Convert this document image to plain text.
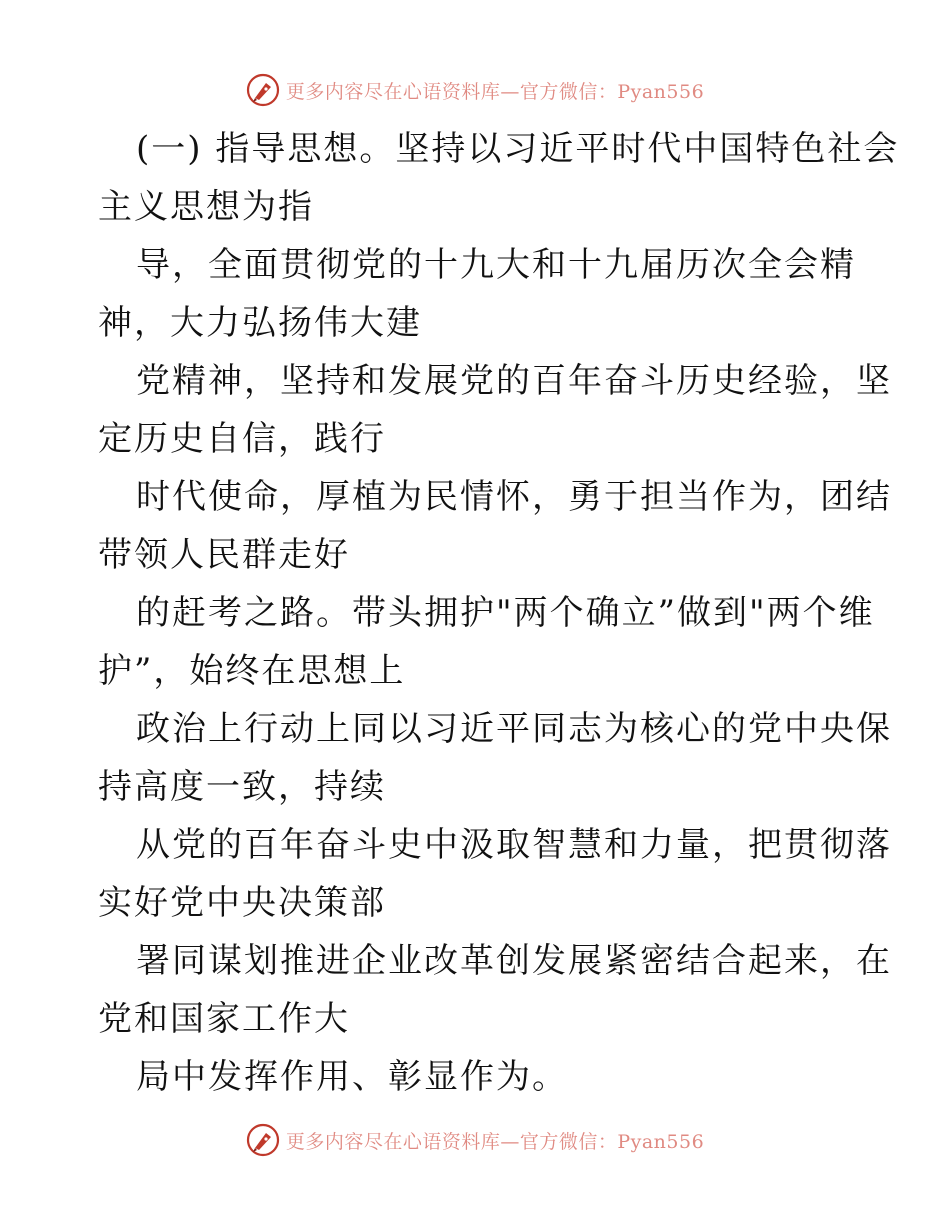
更多内容尽在心语资料库—官方微信：Pyan556
(一) 指导思想。坚持以习近平时代中国特色社会
主义思想为指
导，全面贯彻党的十九大和十九届历次全会精
神，大力弘扬伟大建
党精神，坚持和发展党的百年奋斗历史经验，坚
定历史自信，践行
时代使命，厚植为民情怀，勇于担当作为，团结
带领人民群走好
的赶考之路。带头拥护"两个确立”做到"两个维
护”，始终在思想上
政治上行动上同以习近平同志为核心的党中央保
持高度一致，持续
从党的百年奋斗史中汲取智慧和力量，把贯彻落
实好党中央决策部
署同谋划推进企业改革创发展紧密结合起来，在
党和国家工作大
局中发挥作用、彰显作为。
更多内容尽在心语资料库—官方微信：Pyan556
